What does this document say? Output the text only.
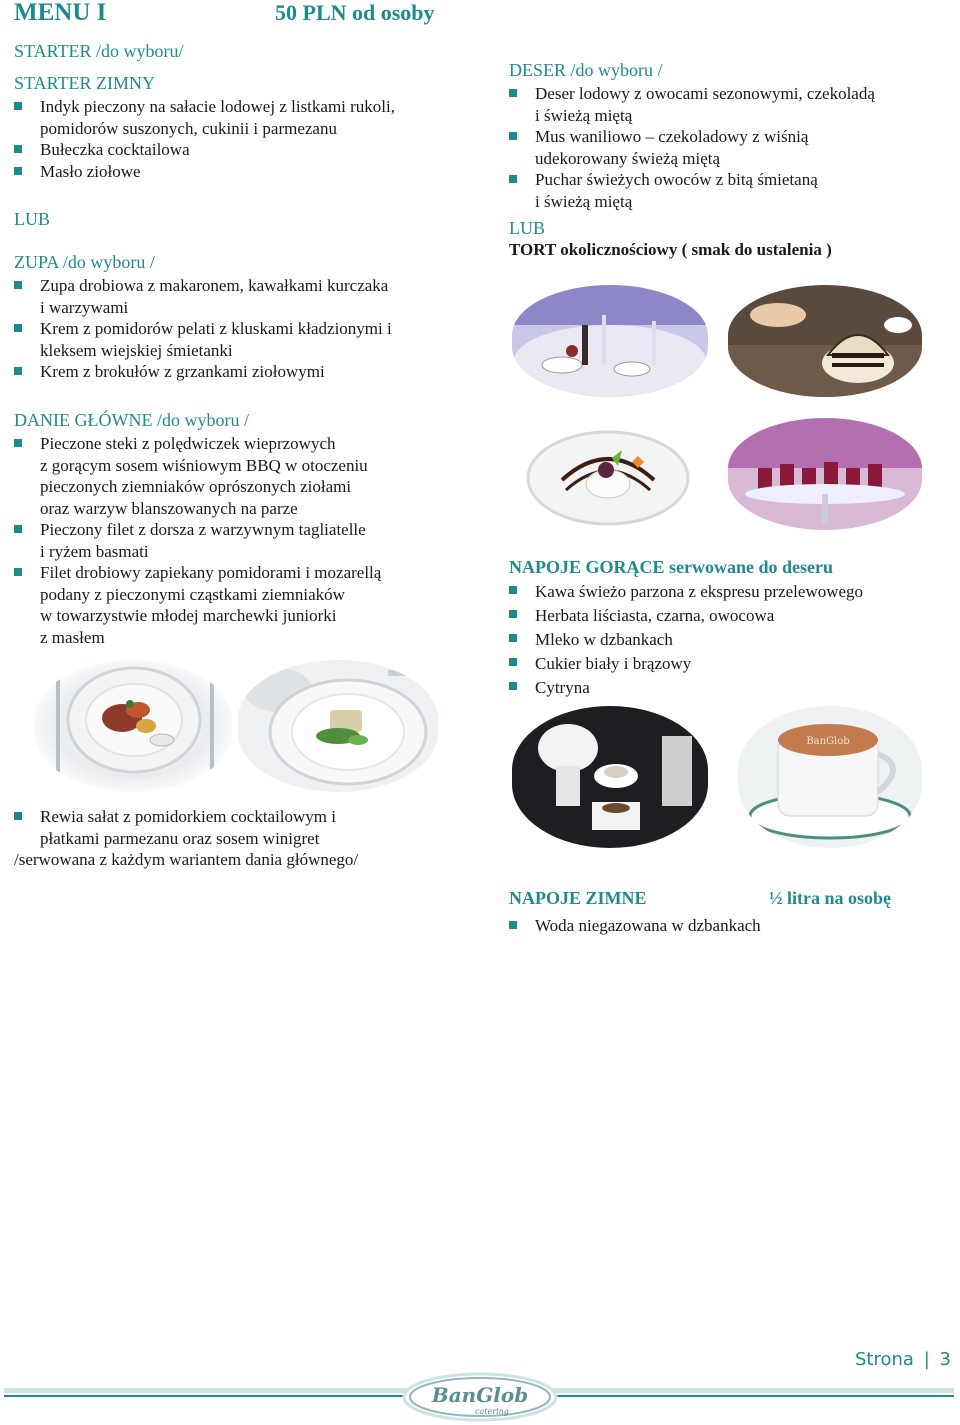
MENU I	50 PLN od osoby
STARTER /do wyboru/
STARTER ZIMNY
Indyk pieczony na sałacie lodowej z listkami rukoli,
pomidorów suszonych, cukinii i parmezanu
Bułeczka cocktailowa
Masło ziołowe
LUB
ZUPA /do wyboru /
Zupa drobiowa z makaronem, kawałkami kurczaka
i warzywami
Krem z pomidorów pelati z kluskami kładzionymi i
kleksem wiejskiej śmietanki
Krem z brokułów z grzankami ziołowymi
DANIE GŁÓWNE /do wyboru /
Pieczone steki z polędwiczek wieprzowych
z gorącym sosem wiśniowym BBQ w otoczeniu
pieczonych ziemniaków oprószonych ziołami
oraz warzyw blanszowanych na parze
Pieczony filet z dorsza z warzywnym tagliatelle
i ryżem basmati
Filet drobiowy zapiekany pomidorami i mozarellą
podany z pieczonymi cząstkami ziemniaków
w towarzystwie młodej marchewki juniorki
z masłem
Rewia sałat z pomidorkiem cocktailowym i
płatkami parmezanu oraz sosem winigret
/serwowana z każdym wariantem dania głównego/
DESER /do wyboru /
Deser lodowy z owocami sezonowymi, czekoladą
i świeżą miętą
Mus waniliowo – czekoladowy z wiśnią
udekorowany świeżą miętą
Puchar świeżych owoców z bitą śmietaną
i świeżą miętą
LUB
TORT okolicznościowy ( smak do ustalenia )
NAPOJE GORĄCE serwowane do deseru
Kawa świeżo parzona z ekspresu przelewowego
Herbata liściasta, czarna, owocowa
Mleko w dzbankach
Cukier biały i brązowy
Cytryna
BanGlob
NAPOJE ZIMNE	½ litra na osobę
Woda niegazowana w dzbankach
Strona | 3
BanGlob
catering
